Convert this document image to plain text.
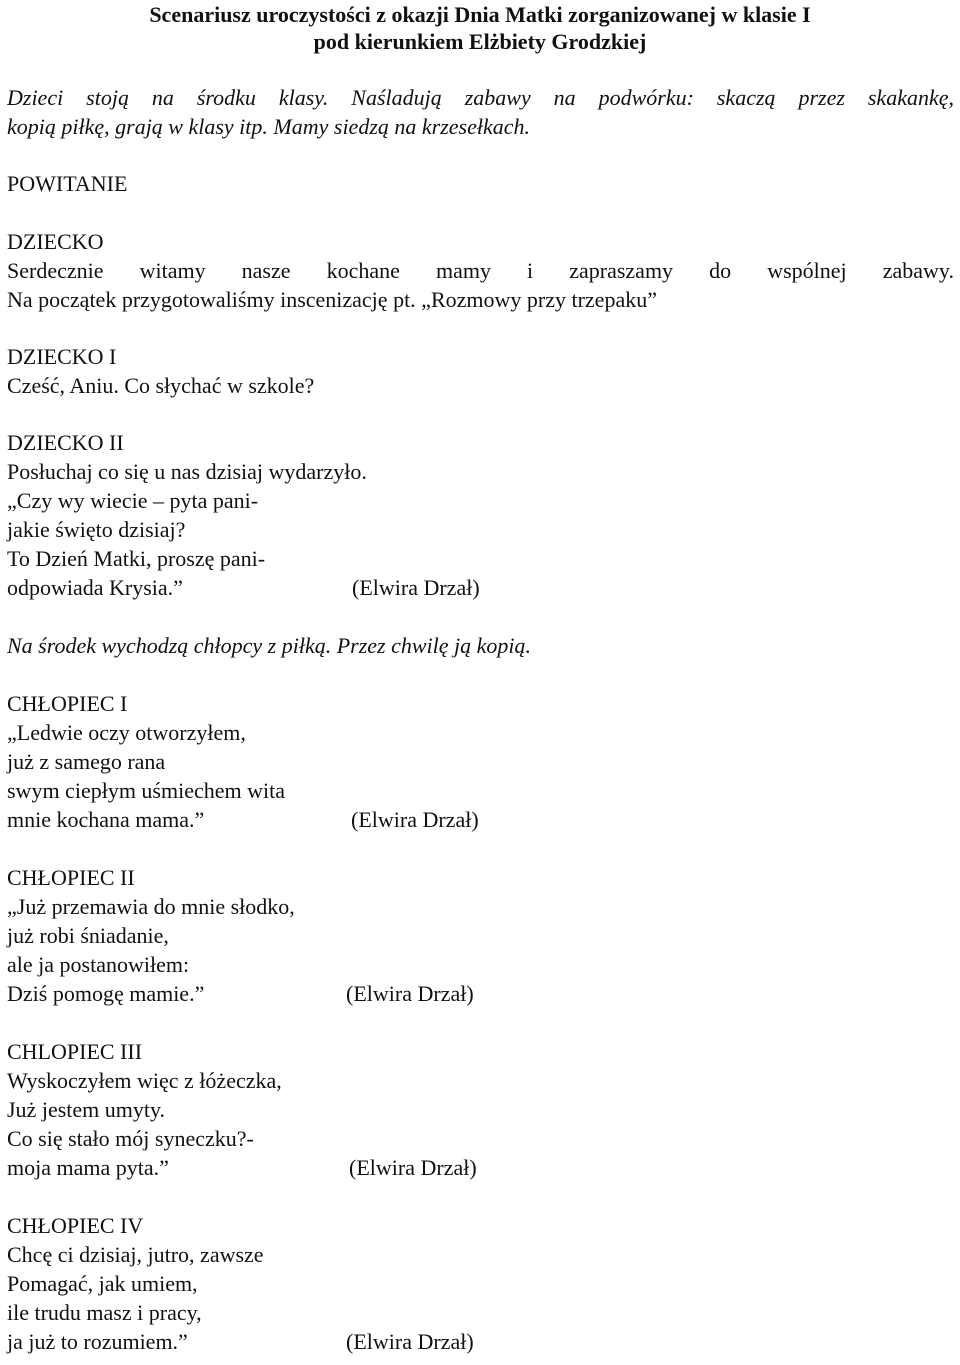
Scenariusz uroczystości z okazji Dnia Matki zorganizowanej w klasie I
pod kierunkiem Elżbiety Grodzkiej
Dzieci stoją na środku klasy. Naśladują zabawy na podwórku: skaczą przez skakankę,
kopią piłkę, grają w klasy itp. Mamy siedzą na krzesełkach.
POWITANIE
DZIECKO
Serdecznie witamy nasze kochane mamy i zapraszamy do wspólnej zabawy.
Na początek przygotowaliśmy inscenizację pt. „Rozmowy przy trzepaku”
DZIECKO I
Cześć, Aniu. Co słychać w szkole?
DZIECKO II
Posłuchaj co się u nas dzisiaj wydarzyło.
„Czy wy wiecie – pyta pani-
jakie święto dzisiaj?
To Dzień Matki, proszę pani-
odpowiada Krysia.”	(Elwira Drzał)
Na środek wychodzą chłopcy z piłką. Przez chwilę ją kopią.
CHŁOPIEC I
„Ledwie oczy otworzyłem,
już z samego rana
swym ciepłym uśmiechem wita
mnie kochana mama.”	(Elwira Drzał)
CHŁOPIEC II
„Już przemawia do mnie słodko,
już robi śniadanie,
ale ja postanowiłem:
Dziś pomogę mamie.”	(Elwira Drzał)
CHLOPIEC III
Wyskoczyłem więc z łóżeczka,
Już jestem umyty.
Co się stało mój syneczku?-
moja mama pyta.”	(Elwira Drzał)
CHŁOPIEC IV
Chcę ci dzisiaj, jutro, zawsze
Pomagać, jak umiem,
ile trudu masz i pracy,
ja już to rozumiem.”	(Elwira Drzał)
